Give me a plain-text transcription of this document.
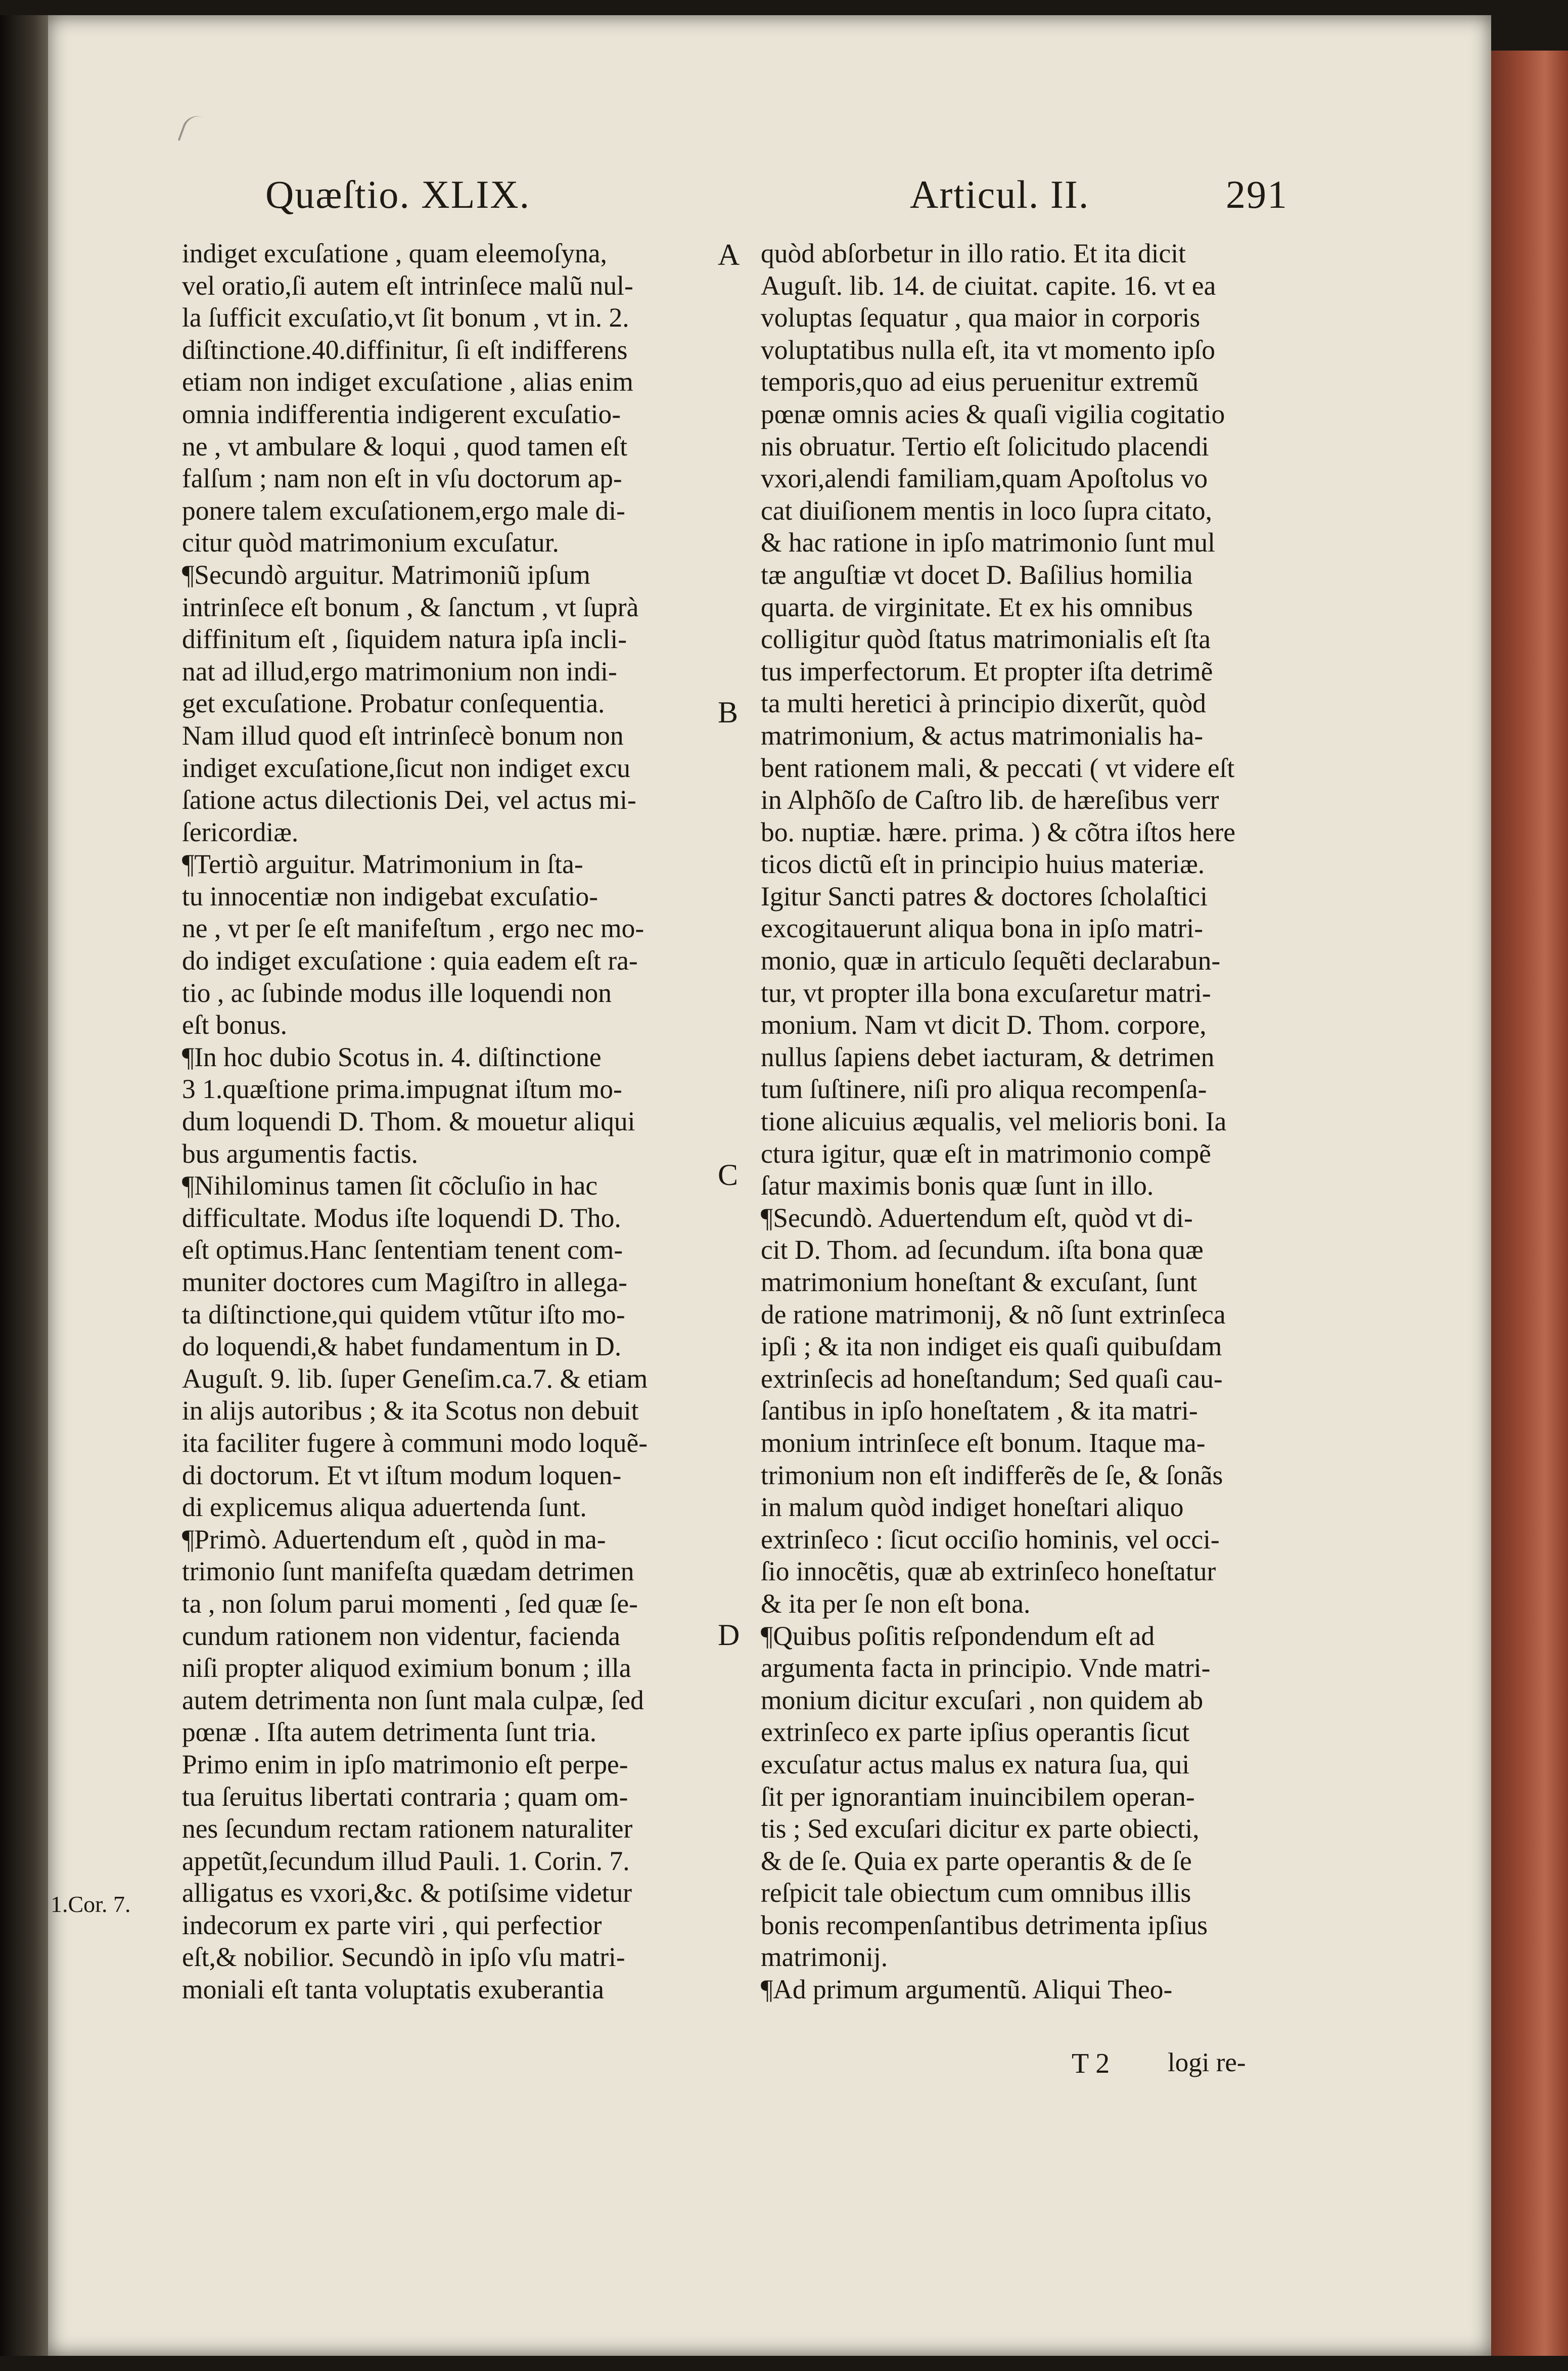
Quæſtio. XLIX.	Articul. II.	291
indiget excuſatione , quam eleemoſyna,
vel oratio,ſi autem eſt intrinſece malũ nul-
la ſufficit excuſatio,vt ſit bonum , vt in. 2.
diſtinctione.40.diffinitur, ſi eſt indifferens
etiam non indiget excuſatione , alias enim
omnia indifferentia indigerent excuſatio-
ne , vt ambulare & loqui , quod tamen eſt
falſum ; nam non eſt in vſu doctorum ap-
ponere talem excuſationem,ergo male di-
citur quòd matrimonium excuſatur.
¶Secundò arguitur. Matrimoniũ ipſum
intrinſece eſt bonum , & ſanctum , vt ſuprà
diffinitum eſt , ſiquidem natura ipſa incli-
nat ad illud,ergo matrimonium non indi-
get excuſatione. Probatur conſequentia.
Nam illud quod eſt intrinſecè bonum non
indiget excuſatione,ſicut non indiget excu
ſatione actus dilectionis Dei, vel actus mi-
ſericordiæ.
¶Tertiò arguitur. Matrimonium in ſta-
tu innocentiæ non indigebat excuſatio-
ne , vt per ſe eſt manifeſtum , ergo nec mo-
do indiget excuſatione : quia eadem eſt ra-
tio , ac ſubinde modus ille loquendi non
eſt bonus.
¶In hoc dubio Scotus in. 4. diſtinctione
3 1.quæſtione prima.impugnat iſtum mo-
dum loquendi D. Thom. & mouetur aliqui
bus argumentis factis.
¶Nihilominus tamen ſit cõcluſio in hac
difficultate. Modus iſte loquendi D. Tho.
eſt optimus.Hanc ſententiam tenent com-
muniter doctores cum Magiſtro in allega-
ta diſtinctione,qui quidem vtũtur iſto mo-
do loquendi,& habet fundamentum in D.
Auguſt. 9. lib. ſuper Geneſim.ca.7. & etiam
in alijs autoribus ; & ita Scotus non debuit
ita faciliter fugere à communi modo loquẽ-
di doctorum. Et vt iſtum modum loquen-
di explicemus aliqua aduertenda ſunt.
¶Primò. Aduertendum eſt , quòd in ma-
trimonio ſunt manifeſta quædam detrimen
ta , non ſolum parui momenti , ſed quæ ſe-
cundum rationem non videntur, facienda
niſi propter aliquod eximium bonum ; illa
autem detrimenta non ſunt mala culpæ, ſed
pœnæ . Iſta autem detrimenta ſunt tria.
Primo enim in ipſo matrimonio eſt perpe-
tua ſeruitus libertati contraria ; quam om-
nes ſecundum rectam rationem naturaliter
appetũt,ſecundum illud Pauli. 1. Corin. 7.
alligatus es vxori,&c. & potiſsime videtur
indecorum ex parte viri , qui perfectior
eſt,& nobilior. Secundò in ipſo vſu matri-
moniali eſt tanta voluptatis exuberantia
quòd abſorbetur in illo ratio. Et ita dicit
Auguſt. lib. 14. de ciuitat. capite. 16. vt ea
voluptas ſequatur , qua maior in corporis
voluptatibus nulla eſt, ita vt momento ipſo
temporis,quo ad eius peruenitur extremũ
pœnæ omnis acies & quaſi vigilia cogitatio
nis obruatur. Tertio eſt ſolicitudo placendi
vxori,alendi familiam,quam Apoſtolus vo
cat diuiſionem mentis in loco ſupra citato,
& hac ratione in ipſo matrimonio ſunt mul
tæ anguſtiæ vt docet D. Baſilius homilia
quarta. de virginitate. Et ex his omnibus
colligitur quòd ſtatus matrimonialis eſt ſta
tus imperfectorum. Et propter iſta detrimẽ
ta multi heretici à principio dixerũt, quòd
matrimonium, & actus matrimonialis ha-
bent rationem mali, & peccati ( vt videre eſt
in Alphõſo de Caſtro lib. de hæreſibus verr
bo. nuptiæ. hære. prima. ) & cõtra iſtos here
ticos dictũ eſt in principio huius materiæ.
Igitur Sancti patres & doctores ſcholaſtici
excogitauerunt aliqua bona in ipſo matri-
monio, quæ in articulo ſequẽti declarabun-
tur, vt propter illa bona excuſaretur matri-
monium. Nam vt dicit D. Thom. corpore,
nullus ſapiens debet iacturam, & detrimen
tum ſuſtinere, niſi pro aliqua recompenſa-
tione alicuius æqualis, vel melioris boni. Ia
ctura igitur, quæ eſt in matrimonio compẽ
ſatur maximis bonis quæ ſunt in illo.
¶Secundò. Aduertendum eſt, quòd vt di-
cit D. Thom. ad ſecundum. iſta bona quæ
matrimonium honeſtant & excuſant, ſunt
de ratione matrimonij, & nõ ſunt extrinſeca
ipſi ; & ita non indiget eis quaſi quibuſdam
extrinſecis ad honeſtandum; Sed quaſi cau-
ſantibus in ipſo honeſtatem , & ita matri-
monium intrinſece eſt bonum. Itaque ma-
trimonium non eſt indifferẽs de ſe, & ſonãs
in malum quòd indiget honeſtari aliquo
extrinſeco : ſicut occiſio hominis, vel occi-
ſio innocẽtis, quæ ab extrinſeco honeſtatur
& ita per ſe non eſt bona.
¶Quibus poſitis reſpondendum eſt ad
argumenta facta in principio. Vnde matri-
monium dicitur excuſari , non quidem ab
extrinſeco ex parte ipſius operantis ſicut
excuſatur actus malus ex natura ſua, qui
ſit per ignorantiam inuincibilem operan-
tis ; Sed excuſari dicitur ex parte obiecti,
& de ſe. Quia ex parte operantis & de ſe
reſpicit tale obiectum cum omnibus illis
bonis recompenſantibus detrimenta ipſius
matrimonij.
¶Ad primum argumentũ. Aliqui Theo-
A
B
C
D
1.Cor. 7.
T 2 logi re-
